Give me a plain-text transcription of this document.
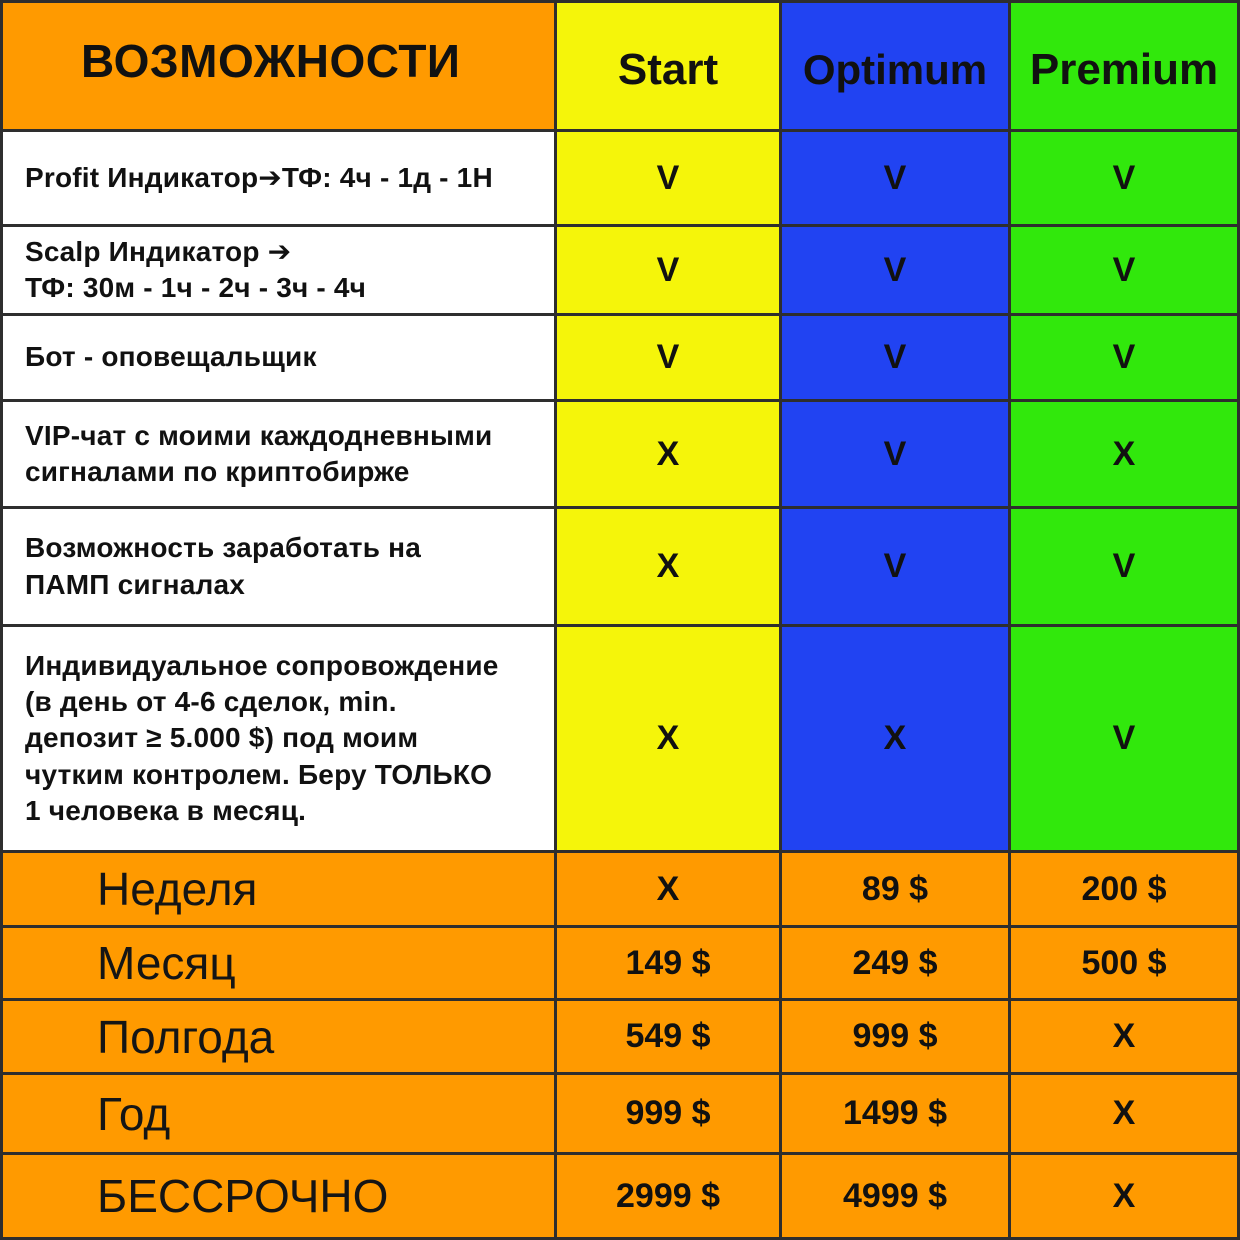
ВОЗМОЖНОСТИ	Start	Optimum Premium
Profit Индикатор➔ТФ: 4ч - 1д - 1Н	V	V	V
Scalp Индикатор ➔
ТФ: 30м - 1ч - 2ч - 3ч - 4ч	V	V	V
Бот - оповещальщик	V	V	V
VIP-чат с моими каждодневными
сигналами по криптобирже	X	V	X
Возможность заработать на
ПАМП сигналах	X	V	V
Индивидуальное сопровождение
(в день от 4-6 сделок, min.
депозит ≥ 5.000 $) под моим
чутким контролем. Беру ТОЛЬКО
1 человека в месяц.
X	X	V
Неделя	X	89 $	200 $
Месяц	149 $	249 $	500 $
Полгода	549 $	999 $	X
Год	999 $	1499 $	X
БЕССРОЧНО	2999 $	4999 $	X
